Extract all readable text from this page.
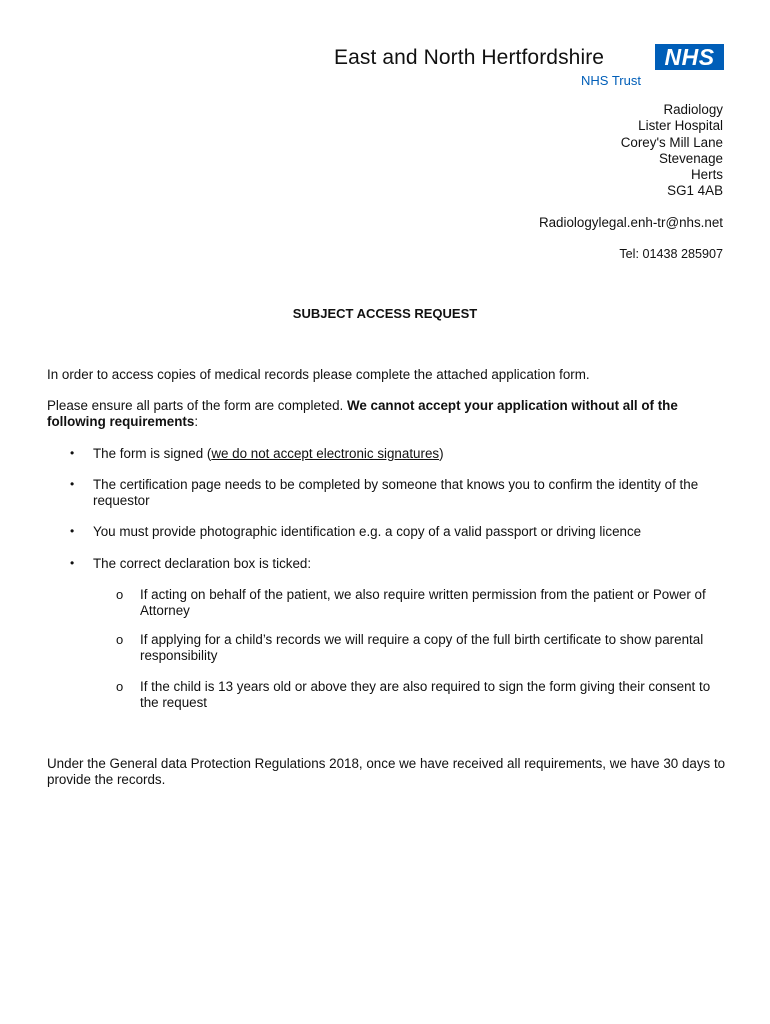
East and North Hertfordshire	NHS
NHS Trust
Radiology
Lister Hospital
Corey's Mill Lane
Stevenage
Herts
SG1 4AB
Radiologylegal.enh-tr@nhs.net
Tel: 01438 285907
SUBJECT ACCESS REQUEST
In order to access copies of medical records please complete the attached application form.
Please ensure all parts of the form are completed. We cannot accept your application without all of the following requirements:
• The form is signed (we do not accept electronic signatures)
• The certification page needs to be completed by someone that knows you to confirm the identity of the requestor
• You must provide photographic identification e.g. a copy of a valid passport or driving licence
• The correct declaration box is ticked:
o If acting on behalf of the patient, we also require written permission from the patient or Power of Attorney
o If applying for a child’s records we will require a copy of the full birth certificate to show parental responsibility
o If the child is 13 years old or above they are also required to sign the form giving their consent to the request
Under the General data Protection Regulations 2018, once we have received all requirements, we have 30 days to provide the records.
